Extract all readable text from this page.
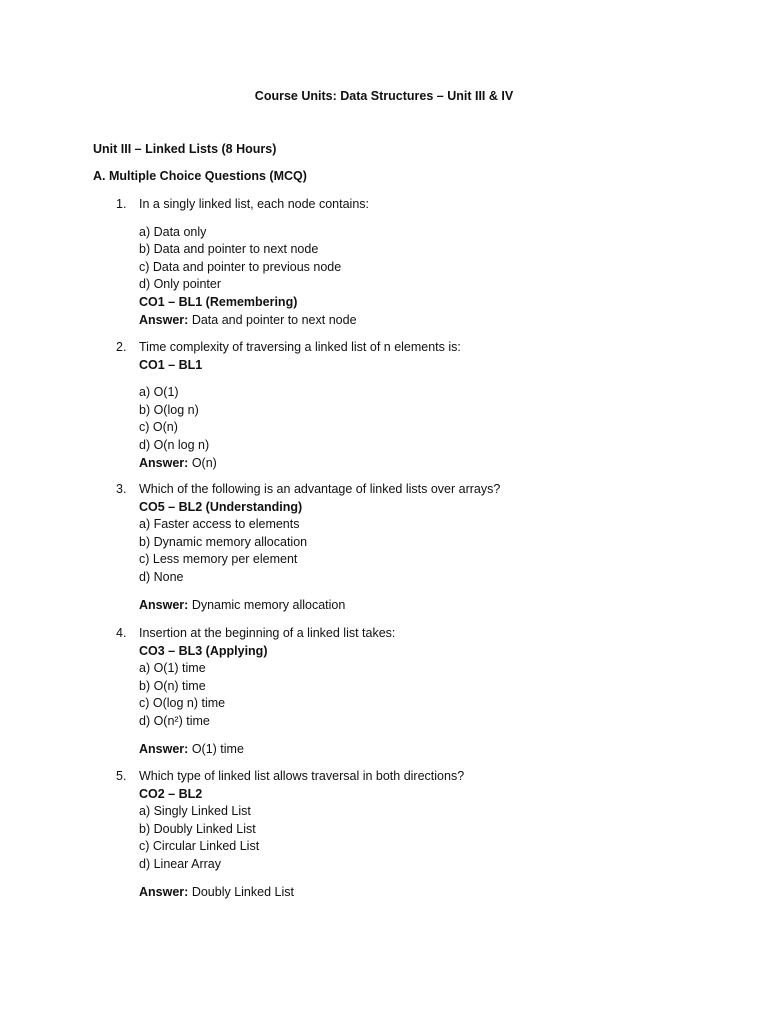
Course Units: Data Structures – Unit III & IV
Unit III – Linked Lists (8 Hours)
A. Multiple Choice Questions (MCQ)
1. In a singly linked list, each node contains:
a) Data only
b) Data and pointer to next node
c) Data and pointer to previous node
d) Only pointer
CO1 – BL1 (Remembering)
Answer: Data and pointer to next node
2. Time complexity of traversing a linked list of n elements is:
CO1 – BL1
a) O(1)
b) O(log n)
c) O(n)
d) O(n log n)
Answer: O(n)
3. Which of the following is an advantage of linked lists over arrays?
CO5 – BL2 (Understanding)
a) Faster access to elements
b) Dynamic memory allocation
c) Less memory per element
d) None
Answer: Dynamic memory allocation
4. Insertion at the beginning of a linked list takes:
CO3 – BL3 (Applying)
a) O(1) time
b) O(n) time
c) O(log n) time
d) O(n²) time
Answer: O(1) time
5. Which type of linked list allows traversal in both directions?
CO2 – BL2
a) Singly Linked List
b) Doubly Linked List
c) Circular Linked List
d) Linear Array
Answer: Doubly Linked List
